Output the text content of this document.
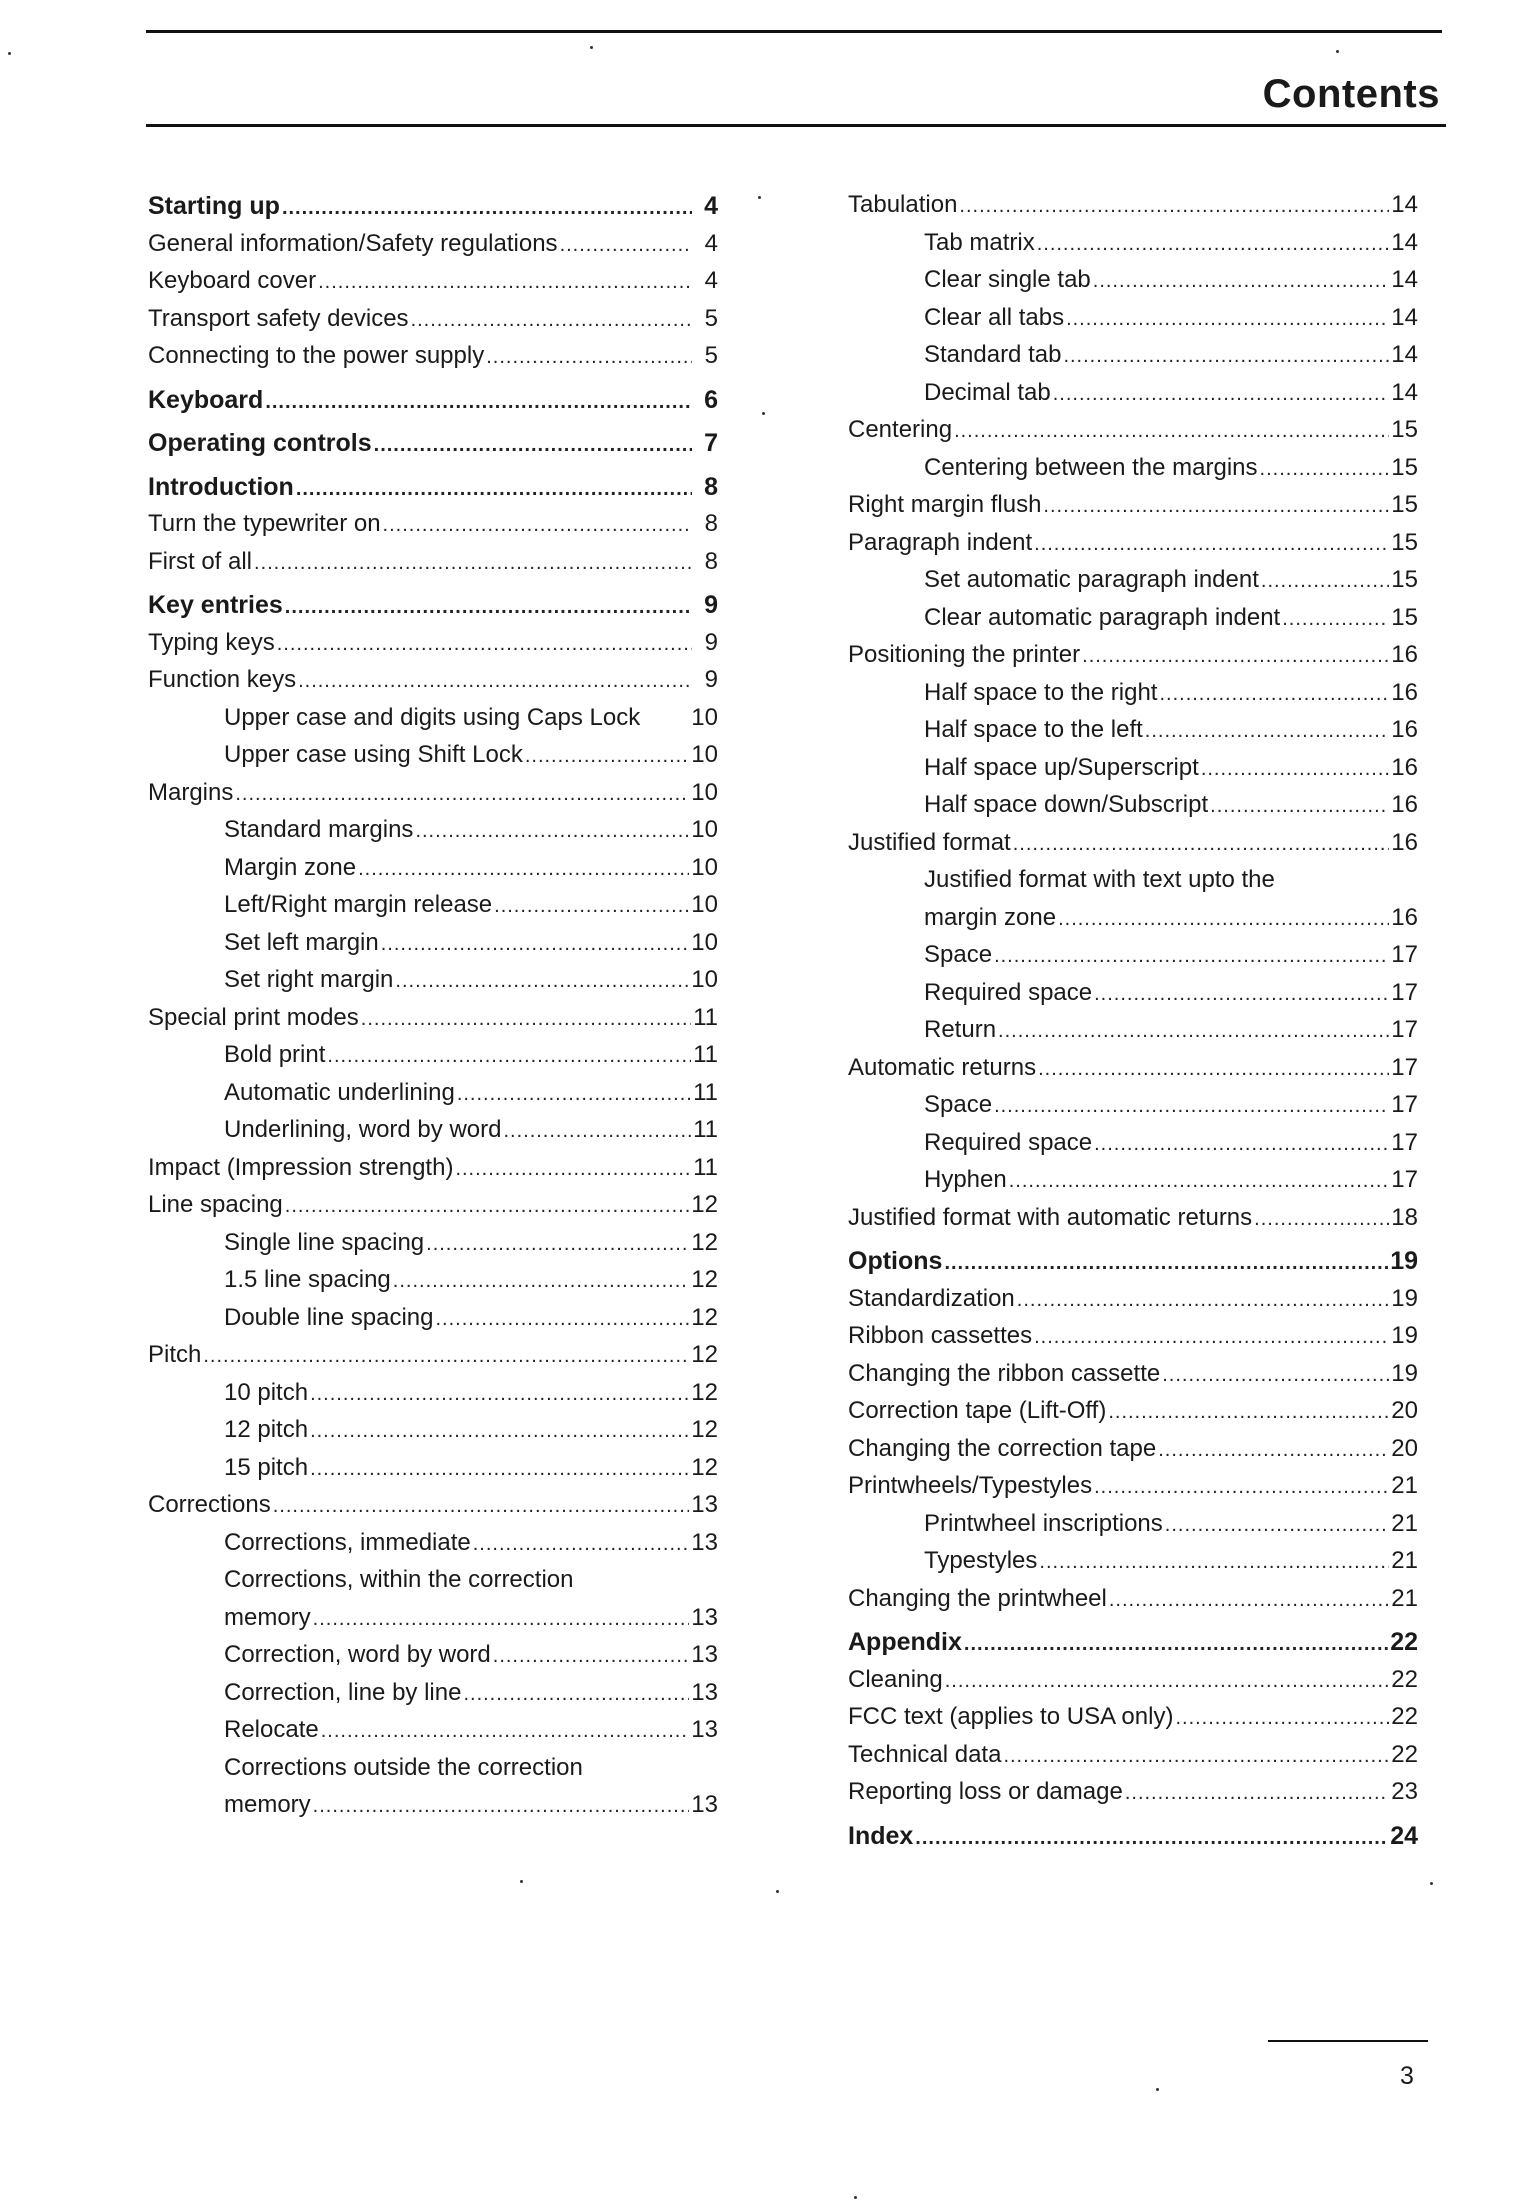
Contents
Starting up .....	4
General information/Safety regulations .....	4
Keyboard cover .....	4
Transport safety devices .....	5
Connecting to the power supply .....	5
Keyboard .....	6
Operating controls .....	7
Introduction .....	8
Turn the typewriter on .....	8
First of all .....	8
Key entries .....	9
Typing keys .....	9
Function keys .....	9
Upper case and digits using Caps Lock 10
Upper case using Shift Lock .....	10
Margins .....	10
Standard margins .....	10
Margin zone .....	10
Left/Right margin release .....	10
Set left margin .....	10
Set right margin .....	10
Special print modes .....	11
Bold print .....	11
Automatic underlining .....	11
Underlining, word by word .....	11
Impact (Impression strength) .....	11
Line spacing .....	12
Single line spacing .....	12
1.5 line spacing .....	12
Double line spacing .....	12
Pitch .....	12
10 pitch .....	12
12 pitch .....	12
15 pitch .....	12
Corrections .....	13
Corrections, immediate .....	13
Corrections, within the correction
memory .....	13
Correction, word by word .....	13
Correction, line by line .....	13
Relocate .....	13
Corrections outside the correction
memory .....	13
Tabulation .....	14
Tab matrix .....	14
Clear single tab .....	14
Clear all tabs .....	14
Standard tab .....	14
Decimal tab .....	14
Centering .....	15
Centering between the margins .....	15
Right margin flush .....	15
Paragraph indent .....	15
Set automatic paragraph indent .....	15
Clear automatic paragraph indent .....	15
Positioning the printer .....	16
Half space to the right .....	16
Half space to the left .....	16
Half space up/Superscript .....	16
Half space down/Subscript .....	16
Justified format .....	16
Justified format with text upto the
margin zone .....	16
Space .....	17
Required space .....	17
Return .....	17
Automatic returns .....	17
Space .....	17
Required space .....	17
Hyphen .....	17
Justified format with automatic returns .....	18
Options .....	19
Standardization .....	19
Ribbon cassettes .....	19
Changing the ribbon cassette .....	19
Correction tape (Lift-Off) .....	20
Changing the correction tape .....	20
Printwheels/Typestyles .....	21
Printwheel inscriptions .....	21
Typestyles .....	21
Changing the printwheel .....	21
Appendix .....	22
Cleaning .....	22
FCC text (applies to USA only) .....	22
Technical data .....	22
Reporting loss or damage .....	23
Index .....	24
3
